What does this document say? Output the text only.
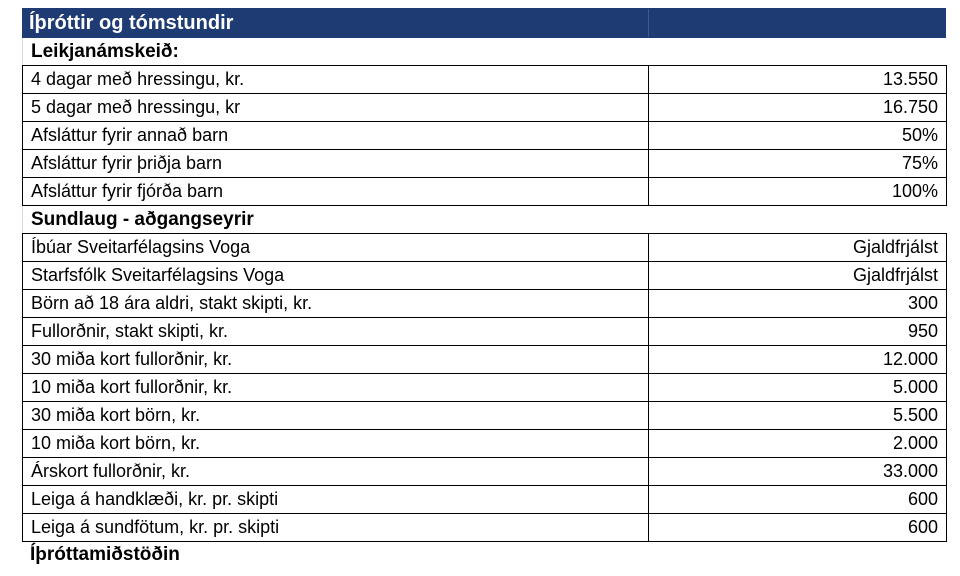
Íþróttir og tómstundir
Leikjanámskeið:
4 dagar með hressingu, kr.	13.550
5 dagar með hressingu, kr	16.750
Afsláttur fyrir annað barn	50%
Afsláttur fyrir þriðja barn	75%
Afsláttur fyrir fjórða barn	100%
Sundlaug - aðgangseyrir
Íbúar Sveitarfélagsins Voga	Gjaldfrjálst
Starfsfólk Sveitarfélagsins Voga	Gjaldfrjálst
Börn að 18 ára aldri, stakt skipti, kr.	300
Fullorðnir, stakt skipti, kr.	950
30 miða kort fullorðnir, kr.	12.000
10 miða kort fullorðnir, kr.	5.000
30 miða kort börn, kr.	5.500
10 miða kort börn, kr.	2.000
Árskort fullorðnir, kr.	33.000
Leiga á handklæði, kr. pr. skipti	600
Leiga á sundfötum, kr. pr. skipti	600
Íþróttamiðstöðin
